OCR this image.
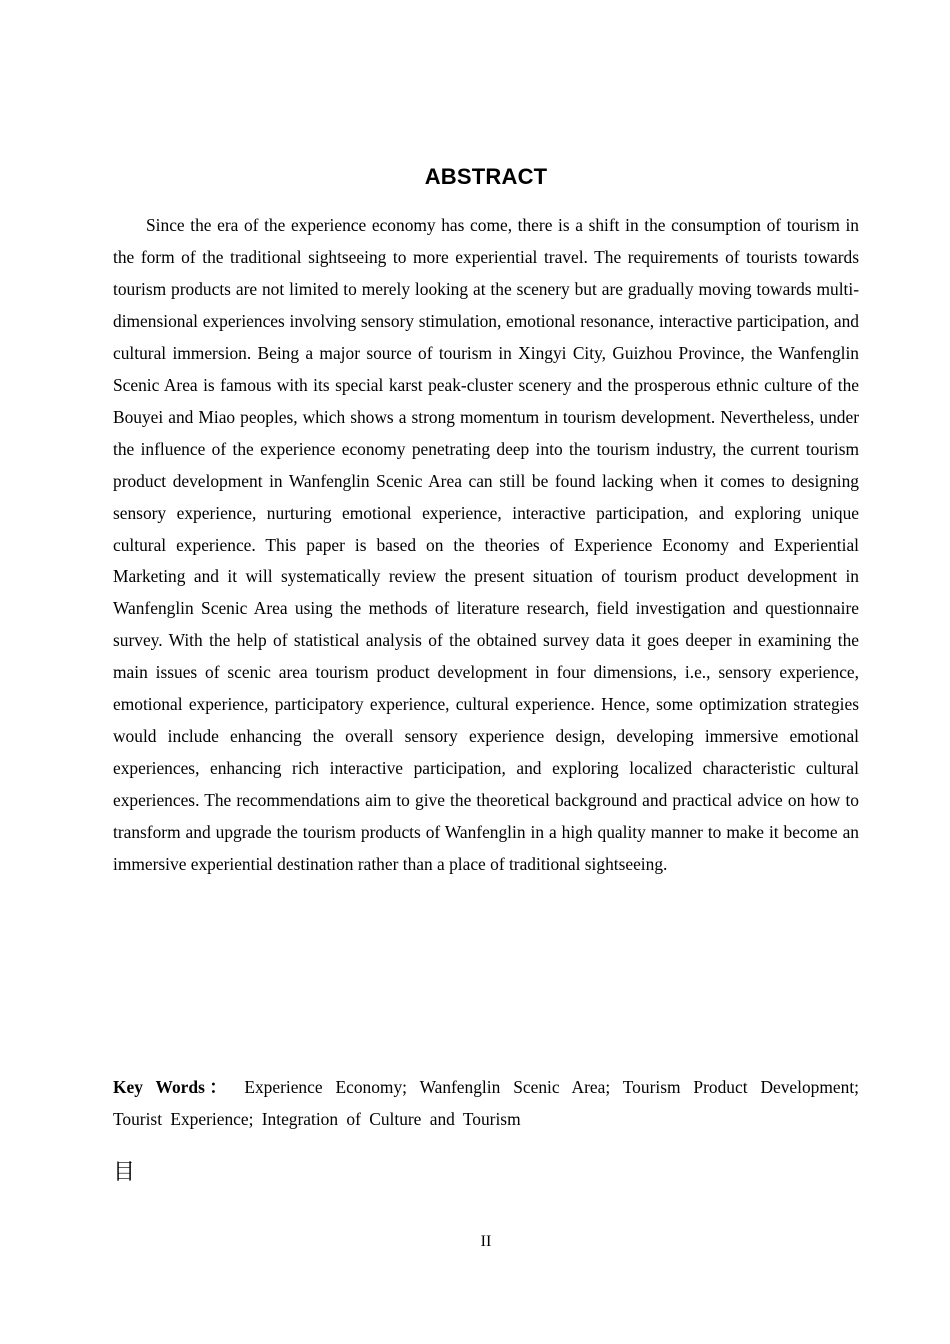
ABSTRACT

Since the era of the experience economy has come, there is a shift in the consumption of tourism in the form of the traditional sightseeing to more experiential travel. The requirements of tourists towards tourism products are not limited to merely looking at the scenery but are gradually moving towards multi-dimensional experiences involving sensory stimulation, emotional resonance, interactive participation, and cultural immersion. Being a major source of tourism in Xingyi City, Guizhou Province, the Wanfenglin Scenic Area is famous with its special karst peak-cluster scenery and the prosperous ethnic culture of the Bouyei and Miao peoples, which shows a strong momentum in tourism development. Nevertheless, under the influence of the experience economy penetrating deep into the tourism industry, the current tourism product development in Wanfenglin Scenic Area can still be found lacking when it comes to designing sensory experience, nurturing emotional experience, interactive participation, and exploring unique cultural experience. This paper is based on the theories of Experience Economy and Experiential Marketing and it will systematically review the present situation of tourism product development in Wanfenglin Scenic Area using the methods of literature research, field investigation and questionnaire survey. With the help of statistical analysis of the obtained survey data it goes deeper in examining the main issues of scenic area tourism product development in four dimensions, i.e., sensory experience, emotional experience, participatory experience, cultural experience. Hence, some optimization strategies would include enhancing the overall sensory experience design, developing immersive emotional experiences, enhancing rich interactive participation, and exploring localized characteristic cultural experiences. The recommendations aim to give the theoretical background and practical advice on how to transform and upgrade the tourism products of Wanfenglin in a high quality manner to make it become an immersive experiential destination rather than a place of traditional sightseeing.

Key Words： Experience Economy; Wanfenglin Scenic Area; Tourism Product Development; Tourist Experience; Integration of Culture and Tourism

目
II
